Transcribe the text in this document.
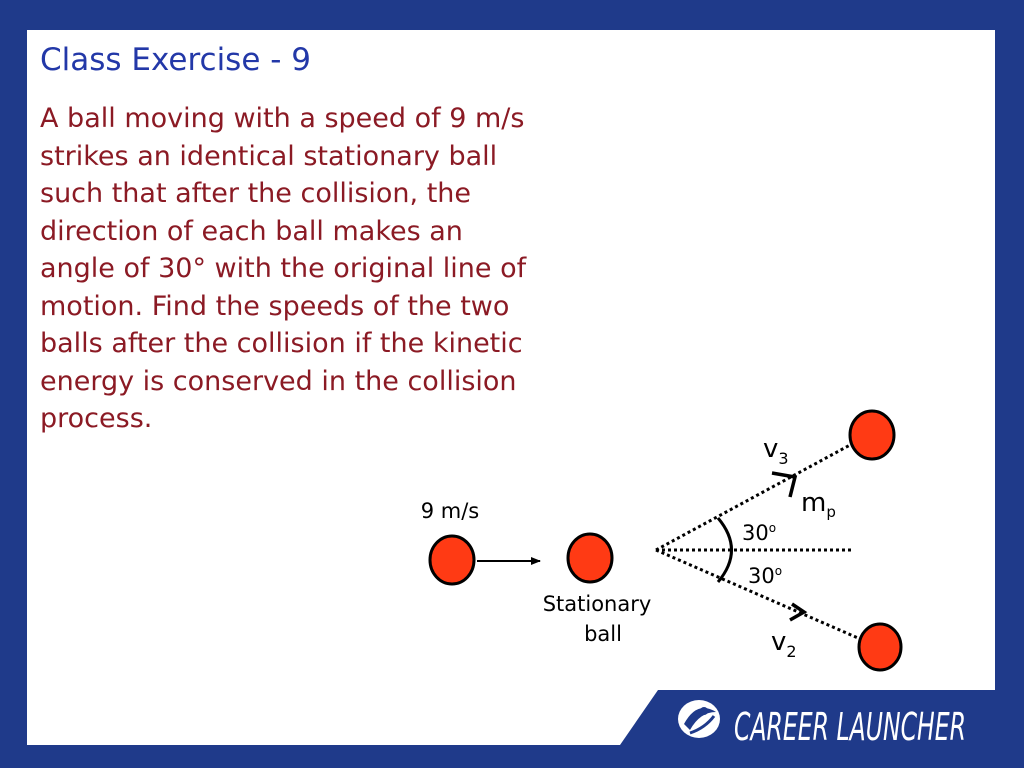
Class Exercise - 9
A ball moving with a speed of 9 m/s
strikes an identical stationary ball
such that after the collision, the
direction of each ball makes an
angle of 30° with the original line of
motion. Find the speeds of the two
balls after the collision if the kinetic
energy is conserved in the collision
process.
9 m/s
Stationary
ball
$v_3$
$m_p$
30$^o$
30$^o$
$v_2$
CAREER LAUNCHER
